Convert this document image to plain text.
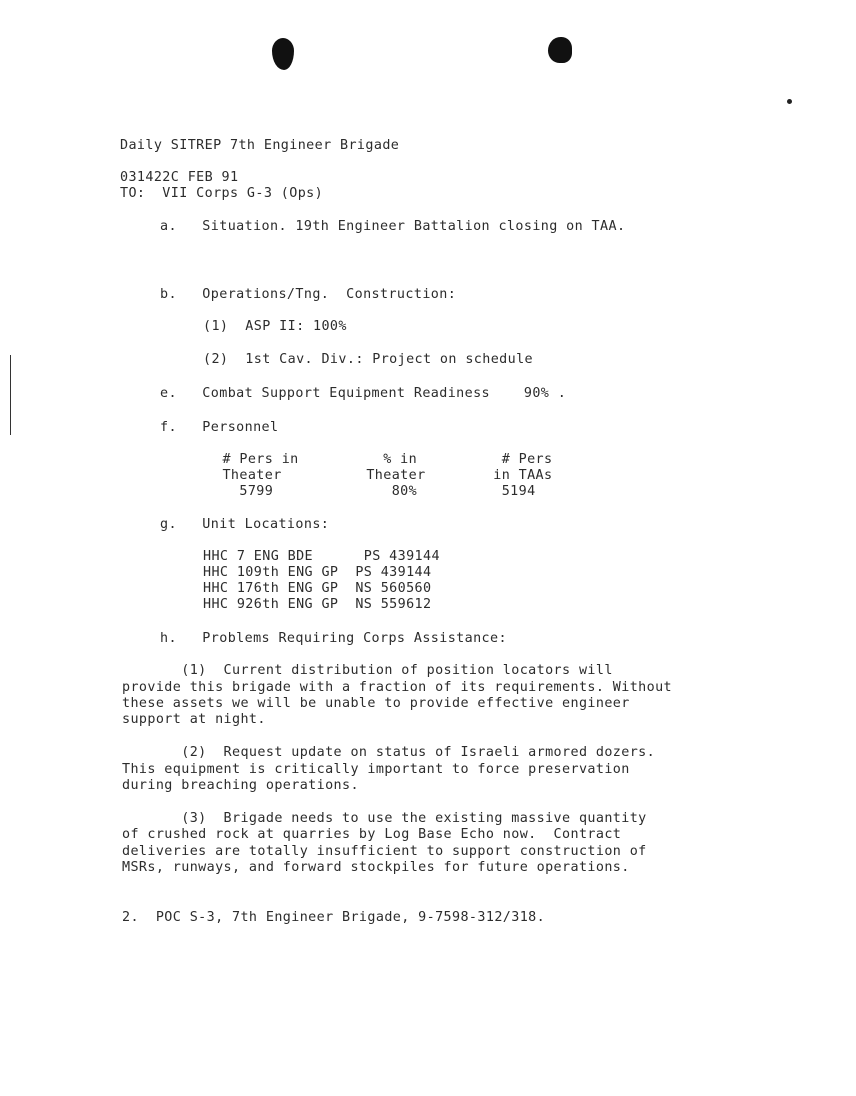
Daily SITREP 7th Engineer Brigade

031422C FEB 91

TO:  VII Corps G-3 (Ops)

a.   Situation. 19th Engineer Battalion closing on TAA.

b.   Operations/Tng.  Construction:

(1)  ASP II: 100%

(2)  1st Cav. Div.: Project on schedule

e.   Combat Support Equipment Readiness    90% .

f.   Personnel

# Pers in          % in          # Pers

Theater          Theater        in TAAs

5799              80%          5194

g.   Unit Locations:

HHC 7 ENG BDE      PS 439144

HHC 109th ENG GP  PS 439144

HHC 176th ENG GP  NS 560560

HHC 926th ENG GP  NS 559612

h.   Problems Requiring Corps Assistance:

(1)  Current distribution of position locators will

provide this brigade with a fraction of its requirements. Without

these assets we will be unable to provide effective engineer

support at night.

(2)  Request update on status of Israeli armored dozers.

This equipment is critically important to force preservation

during breaching operations.

(3)  Brigade needs to use the existing massive quantity

of crushed rock at quarries by Log Base Echo now.  Contract

deliveries are totally insufficient to support construction of

MSRs, runways, and forward stockpiles for future operations.

2.  POC S-3, 7th Engineer Brigade, 9-7598-312/318.
